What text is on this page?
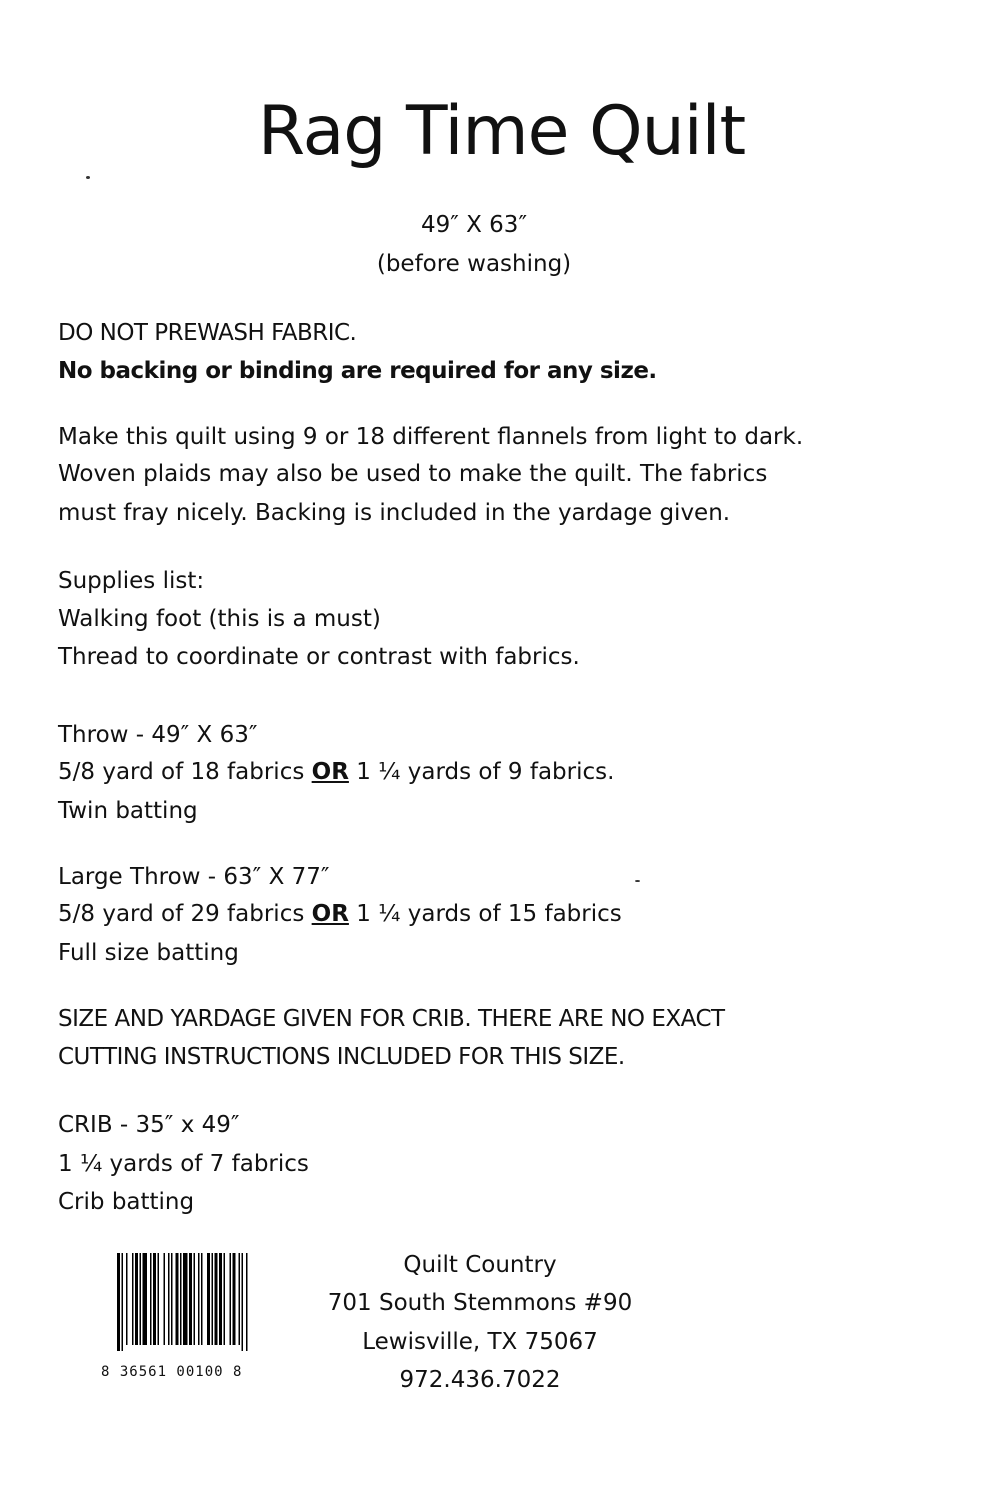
Rag Time Quilt
49″ X 63″
(before washing)
DO NOT PREWASH FABRIC.
No backing or binding are required for any size.
Make this quilt using 9 or 18 different flannels from light to dark.
Woven plaids may also be used to make the quilt. The fabrics
must fray nicely. Backing is included in the yardage given.
Supplies list:
Walking foot (this is a must)
Thread to coordinate or contrast with fabrics.
Throw - 49″ X 63″
5/8 yard of 18 fabrics OR 1 ¼ yards of 9 fabrics.
Twin batting
Large Throw - 63″ X 77″
5/8 yard of 29 fabrics OR 1 ¼ yards of 15 fabrics
Full size batting
SIZE AND YARDAGE GIVEN FOR CRIB. THERE ARE NO EXACT
CUTTING INSTRUCTIONS INCLUDED FOR THIS SIZE.
CRIB - 35″ x 49″
1 ¼ yards of 7 fabrics
Crib batting
8 36561 00100 8
Quilt Country
701 South Stemmons #90
Lewisville, TX 75067
972.436.7022
